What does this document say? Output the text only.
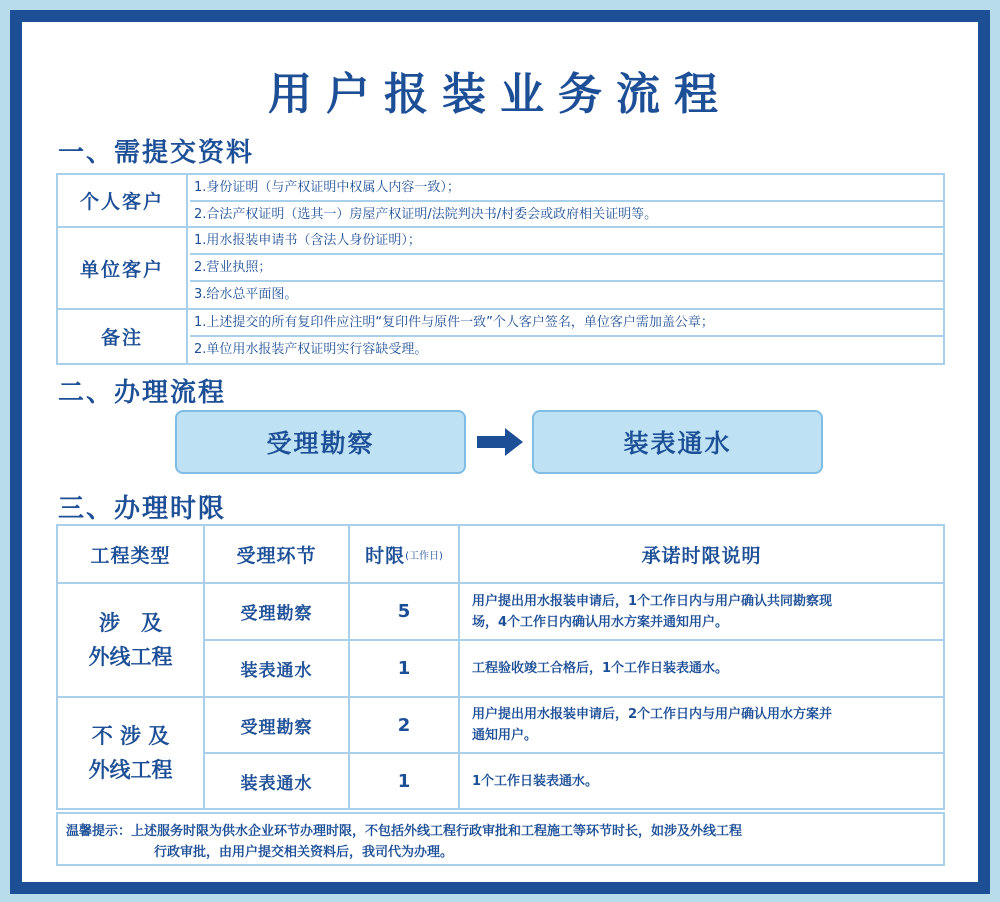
用户报装业务流程
一、需提交资料
个人客户
1.身份证明（与产权证明中权属人内容一致）；
2.合法产权证明（选其一）房屋产权证明/法院判决书/村委会或政府相关证明等。
单位客户
1.用水报装申请书（含法人身份证明）；
2.营业执照；
3.给水总平面图。
备注
1.上述提交的所有复印件应注明“复印件与原件一致”个人客户签名，单位客户需加盖公章；
2.单位用水报装产权证明实行容缺受理。
二、办理流程
受理勘察	装表通水
三、办理时限
工程类型	受理环节	时限 (工作日)	承诺时限说明
涉　及
外线工程
受理勘察	5	用户提出用水报装申请后，1个工作日内与用户确认共同勘察现
场，4个工作日内确认用水方案并通知用户。
装表通水	1	工程验收竣工合格后，1个工作日装表通水。
不 涉 及
外线工程
受理勘察	2	用户提出用水报装申请后，2个工作日内与用户确认用水方案并
通知用户。
装表通水	1	1个工作日装表通水。
温馨提示：上述服务时限为供水企业环节办理时限，不包括外线工程行政审批和工程施工等环节时长，如涉及外线工程
行政审批，由用户提交相关资料后，我司代为办理。
